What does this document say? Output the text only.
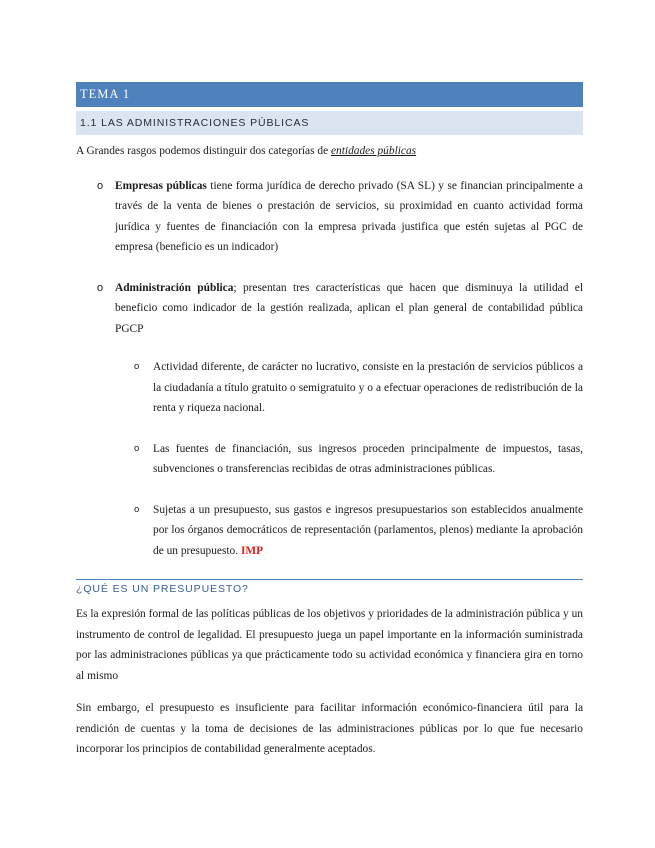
TEMA 1
1.1 LAS ADMINISTRACIONES PÚBLICAS

A Grandes rasgos podemos distinguir dos categorías de entidades públicas

o Empresas públicas tiene forma jurídica de derecho privado (SA SL) y se financian principalmente a través de la venta de bienes o prestación de servicios, su proximidad en cuanto actividad forma jurídica y fuentes de financiación con la empresa privada justifica que estén sujetas al PGC de empresa (beneficio es un indicador)

o Administración pública; presentan tres características que hacen que disminuya la utilidad el beneficio como indicador de la gestión realizada, aplican el plan general de contabilidad pública PGCP

o Actividad diferente, de carácter no lucrativo, consiste en la prestación de servicios públicos a la ciudadanía a título gratuito o semigratuito y o a efectuar operaciones de redistribución de la renta y riqueza nacional.

o Las fuentes de financiación, sus ingresos proceden principalmente de impuestos, tasas, subvenciones o transferencias recibidas de otras administraciones públicas.

o Sujetas a un presupuesto, sus gastos e ingresos presupuestarios son establecidos anualmente por los órganos democráticos de representación (parlamentos, plenos) mediante la aprobación de un presupuesto. IMP

¿QUÉ ES UN PRESUPUESTO?

Es la expresión formal de las políticas públicas de los objetivos y prioridades de la administración pública y un instrumento de control de legalidad. El presupuesto juega un papel importante en la información suministrada por las administraciones públicas ya que prácticamente todo su actividad económica y financiera gira en torno al mismo

Sin embargo, el presupuesto es insuficiente para facilitar información económico-financiera útil para la rendición de cuentas y la toma de decisiones de las administraciones públicas por lo que fue necesario incorporar los principios de contabilidad generalmente aceptados.
